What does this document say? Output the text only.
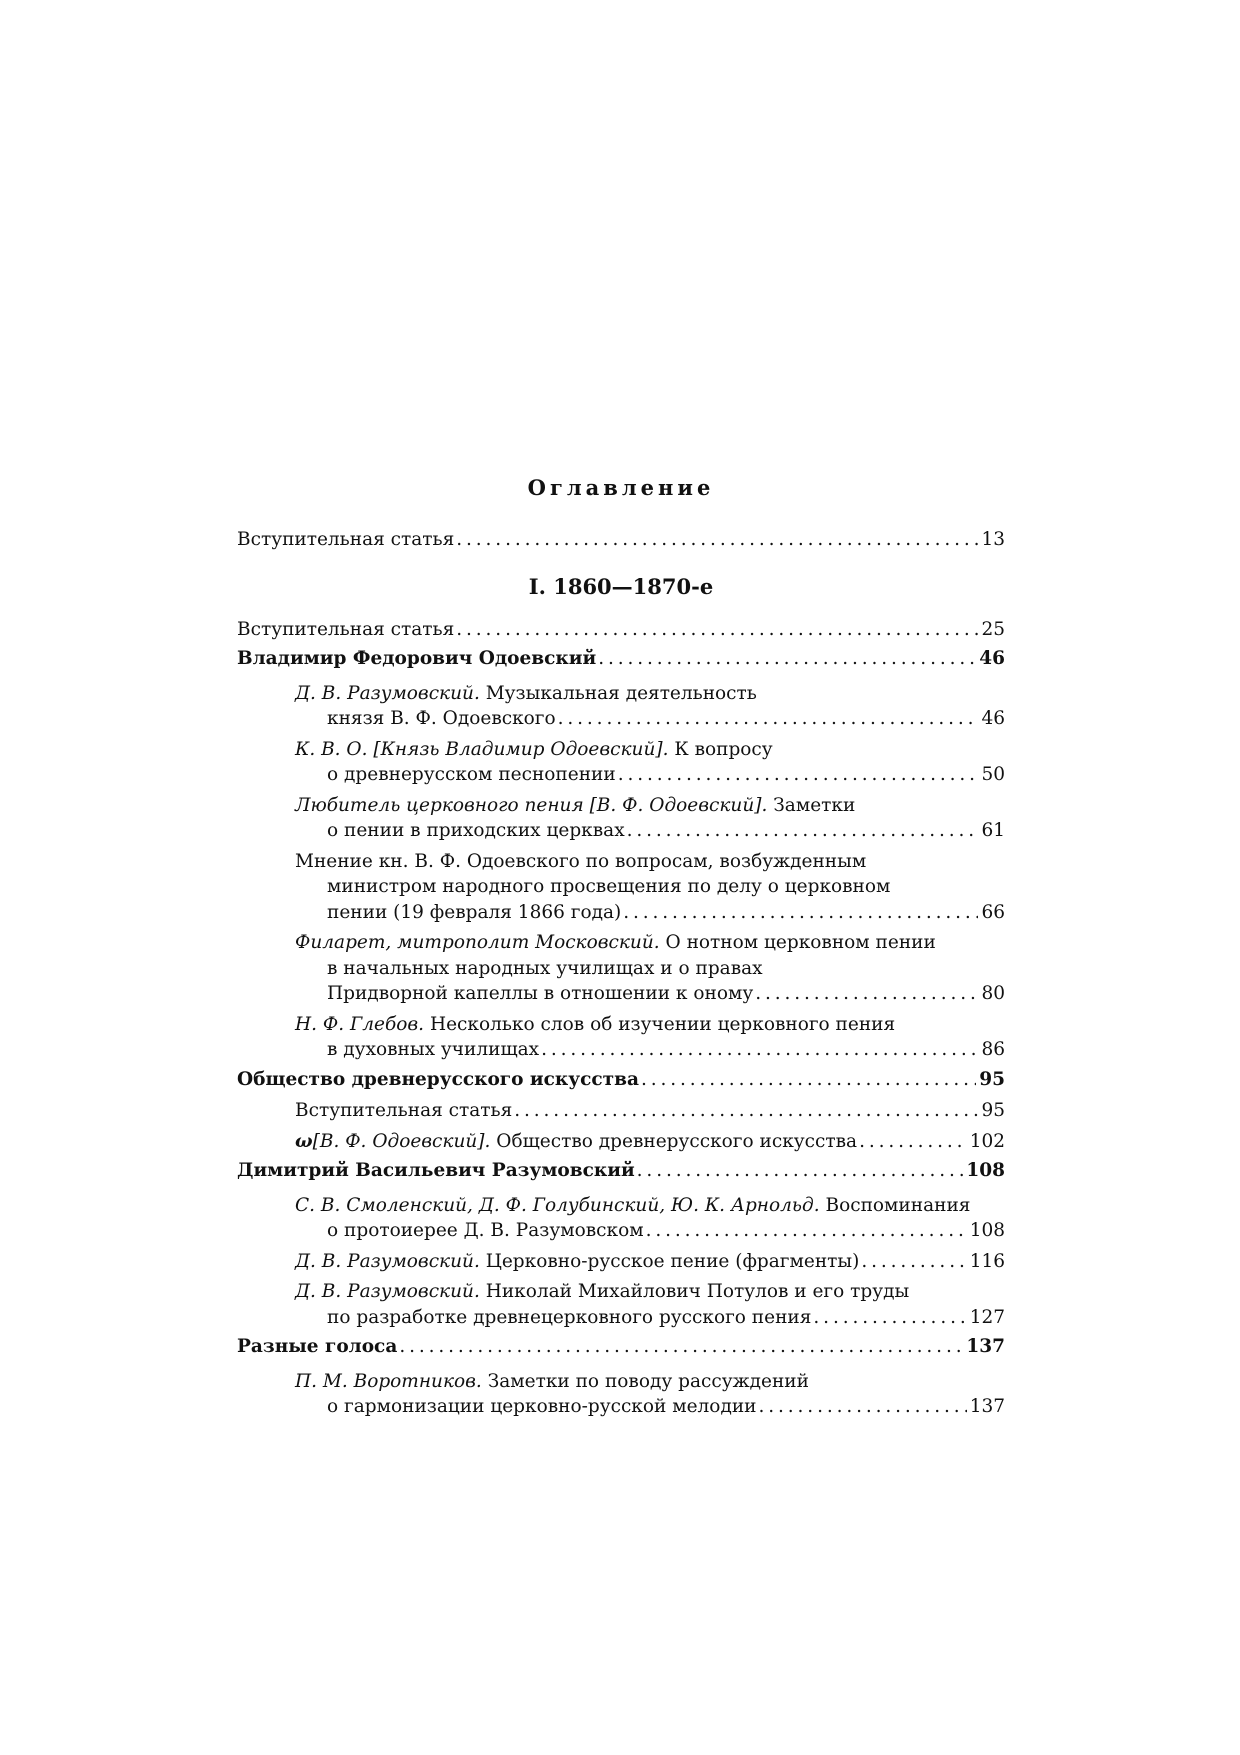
Оглавление
Вступительная статья . . .	13
I. 1860—1870-е
Вступительная статья . . .	25
Владимир Федорович Одоевский . . .	46
Д. В. Разумовский. Музыкальная деятельность
князя В. Ф. Одоевского . . .	46
К. В. О. [Князь Владимир Одоевский]. К вопросу
о древнерусском песнопении . . .	50
Любитель церковного пения [В. Ф. Одоевский]. Заметки
о пении в приходских церквах . . .	61
Мнение кн. В. Ф. Одоевского по вопросам, возбужденным
министром народного просвещения по делу о церковном
пении (19 февраля 1866 года) . . .	66
Филарет, митрополит Московский. О нотном церковном пении
в начальных народных училищах и о правах
Придворной капеллы в отношении к оному . . .	80
Н. Ф. Глебов. Несколько слов об изучении церковного пения
в духовных училищах . . .	86
Общество древнерусского искусства . . .	95
Вступительная статья . . .	95
ω[В. Ф. Одоевский]. Общество древнерусского искусства . . .	102
Димитрий Васильевич Разумовский . . .	108
С. В. Смоленский, Д. Ф. Голубинский, Ю. К. Арнольд. Воспоминания
о протоиерее Д. В. Разумовском . . .	108
Д. В. Разумовский. Церковно-русское пение (фрагменты) . . .	116
Д. В. Разумовский. Николай Михайлович Потулов и его труды
по разработке древнецерковного русского пения . . .	127
Разные голоса . . .	137
П. М. Воротников. Заметки по поводу рассуждений
о гармонизации церковно-русской мелодии . . .	137
